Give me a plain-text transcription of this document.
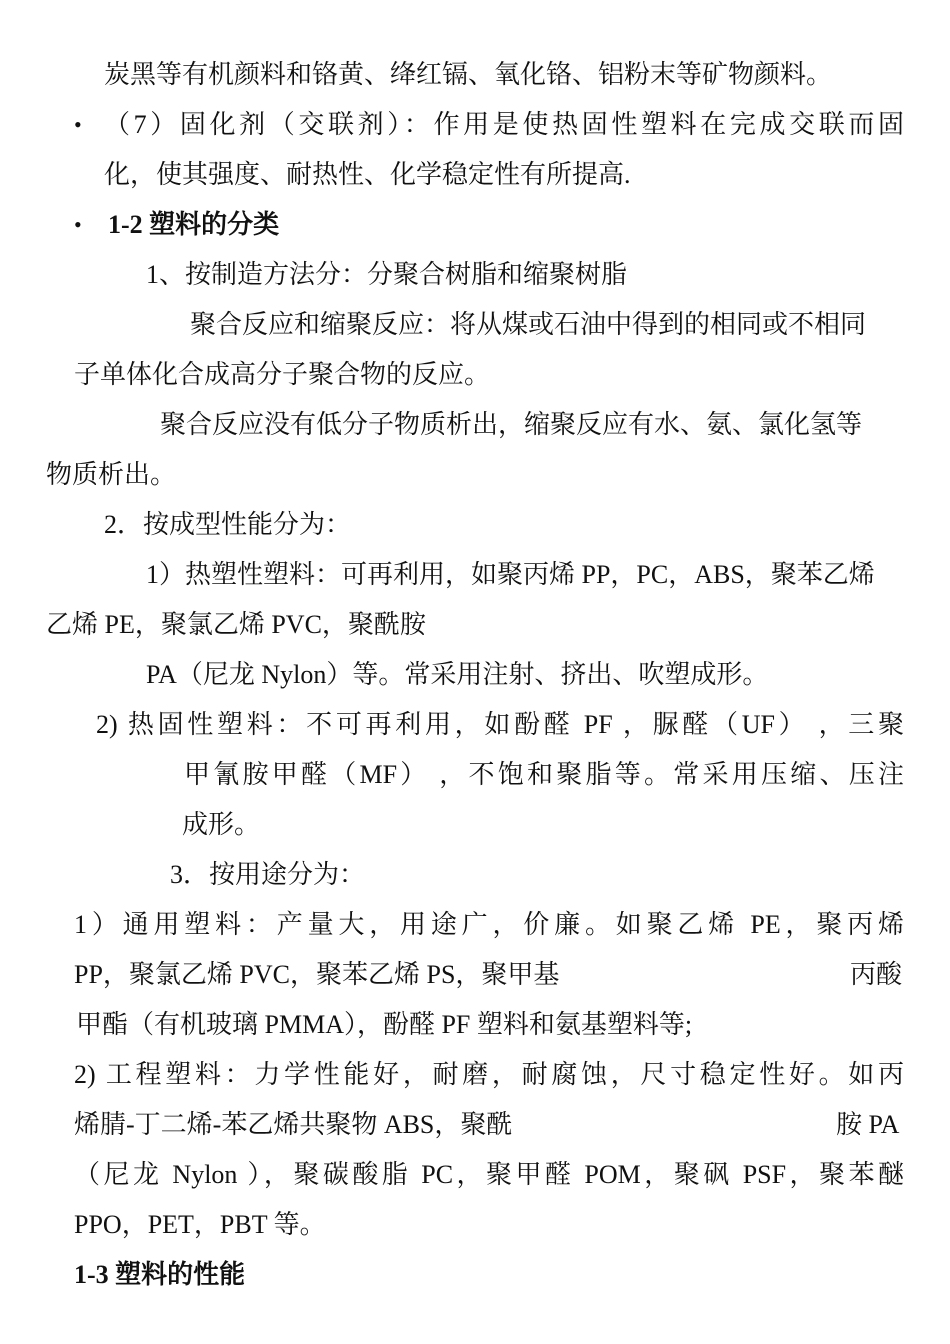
炭黑等有机颜料和铬黄、绛红镉、氧化铬、铝粉末等矿物颜料。
• （7）固化剂（交联剂）：作用是使热固性塑料在完成交联而固
化，使其强度、耐热性、化学稳定性有所提高.
• 1-2 塑料的分类
1、按制造方法分：分聚合树脂和缩聚树脂
聚合反应和缩聚反应：将从煤或石油中得到的相同或不相同
子单体化合成高分子聚合物的反应。
聚合反应没有低分子物质析出，缩聚反应有水、氨、氯化氢等
物质析出。
2．按成型性能分为：
1）热塑性塑料：可再利用，如聚丙烯 PP，PC，ABS，聚苯乙烯
乙烯 PE，聚氯乙烯 PVC，聚酰胺
PA（尼龙 Nylon）等。常采用注射、挤出、吹塑成形。
2) 热固性塑料：不可再利用，如酚醛 PF ，脲醛（UF） ，三聚
甲氰胺甲醛（MF） ，不饱和聚脂等。常采用压缩、压注
成形。
3．按用途分为：
1）通用塑料：产量大，用途广，价廉。如聚乙烯 PE，聚丙烯
PP，聚氯乙烯 PVC，聚苯乙烯 PS，聚甲基	丙酸
甲酯（有机玻璃 PMMA），酚醛 PF 塑料和氨基塑料等;
2) 工程塑料：力学性能好，耐磨，耐腐蚀，尺寸稳定性好。如丙
烯腈-丁二烯-苯乙烯共聚物 ABS，聚酰	胺 PA
（尼龙 Nylon ），聚碳酸脂 PC，聚甲醛 POM，聚砜 PSF，聚苯醚
PPO，PET，PBT 等。
1-3 塑料的性能
